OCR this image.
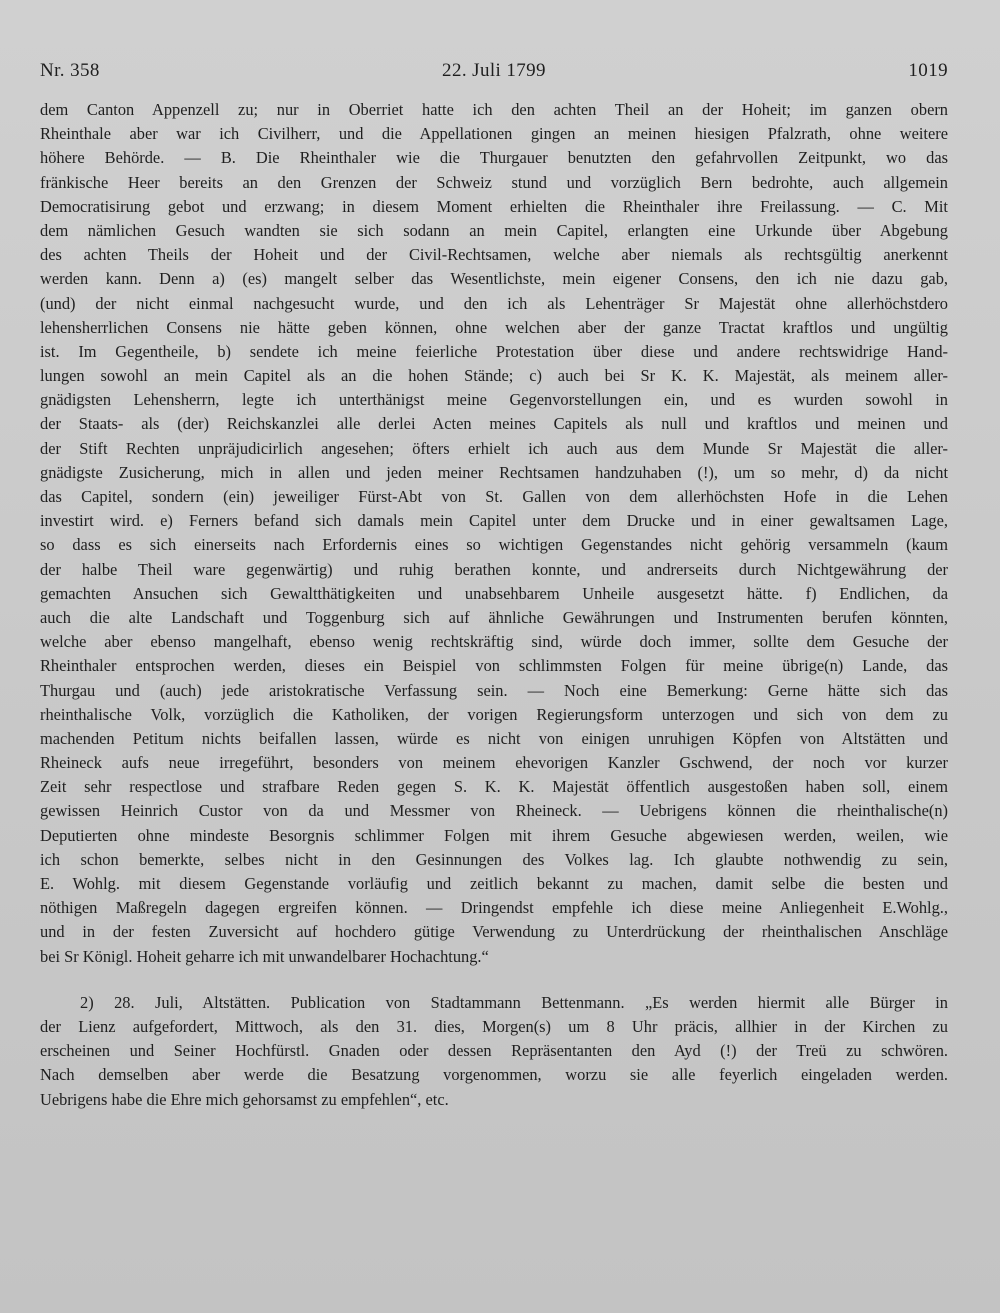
Nr. 358	22. Juli 1799	1019
dem Canton Appenzell zu; nur in Oberriet hatte ich den achten Theil an der Hoheit; im ganzen obern
Rheinthale aber war ich Civilherr, und die Appellationen gingen an meinen hiesigen Pfalzrath, ohne weitere
höhere Behörde. — B. Die Rheinthaler wie die Thurgauer benutzten den gefahrvollen Zeitpunkt, wo das
fränkische Heer bereits an den Grenzen der Schweiz stund und vorzüglich Bern bedrohte, auch allgemein
Democratisirung gebot und erzwang; in diesem Moment erhielten die Rheinthaler ihre Freilassung. — C. Mit
dem nämlichen Gesuch wandten sie sich sodann an mein Capitel, erlangten eine Urkunde über Abgebung
des achten Theils der Hoheit und der Civil-Rechtsamen, welche aber niemals als rechtsgültig anerkennt
werden kann. Denn a) (es) mangelt selber das Wesentlichste, mein eigener Consens, den ich nie dazu gab,
(und) der nicht einmal nachgesucht wurde, und den ich als Lehenträger Sr Majestät ohne allerhöchstdero
lehensherrlichen Consens nie hätte geben können, ohne welchen aber der ganze Tractat kraftlos und ungültig
ist. Im Gegentheile, b) sendete ich meine feierliche Protestation über diese und andere rechtswidrige Hand-
lungen sowohl an mein Capitel als an die hohen Stände; c) auch bei Sr K. K. Majestät, als meinem aller-
gnädigsten Lehensherrn, legte ich unterthänigst meine Gegenvorstellungen ein, und es wurden sowohl in
der Staats- als (der) Reichskanzlei alle derlei Acten meines Capitels als null und kraftlos und meinen und
der Stift Rechten unpräjudicirlich angesehen; öfters erhielt ich auch aus dem Munde Sr Majestät die aller-
gnädigste Zusicherung, mich in allen und jeden meiner Rechtsamen handzuhaben (!), um so mehr, d) da nicht
das Capitel, sondern (ein) jeweiliger Fürst-Abt von St. Gallen von dem allerhöchsten Hofe in die Lehen
investirt wird. e) Ferners befand sich damals mein Capitel unter dem Drucke und in einer gewaltsamen Lage,
so dass es sich einerseits nach Erfordernis eines so wichtigen Gegenstandes nicht gehörig versammeln (kaum
der halbe Theil ware gegenwärtig) und ruhig berathen konnte, und andrerseits durch Nichtgewährung der
gemachten Ansuchen sich Gewaltthätigkeiten und unabsehbarem Unheile ausgesetzt hätte. f) Endlichen, da
auch die alte Landschaft und Toggenburg sich auf ähnliche Gewährungen und Instrumenten berufen könnten,
welche aber ebenso mangelhaft, ebenso wenig rechtskräftig sind, würde doch immer, sollte dem Gesuche der
Rheinthaler entsprochen werden, dieses ein Beispiel von schlimmsten Folgen für meine übrige(n) Lande, das
Thurgau und (auch) jede aristokratische Verfassung sein. — Noch eine Bemerkung: Gerne hätte sich das
rheinthalische Volk, vorzüglich die Katholiken, der vorigen Regierungsform unterzogen und sich von dem zu
machenden Petitum nichts beifallen lassen, würde es nicht von einigen unruhigen Köpfen von Altstätten und
Rheineck aufs neue irregeführt, besonders von meinem ehevorigen Kanzler Gschwend, der noch vor kurzer
Zeit sehr respectlose und strafbare Reden gegen S. K. K. Majestät öffentlich ausgestoßen haben soll, einem
gewissen Heinrich Custor von da und Messmer von Rheineck. — Uebrigens können die rheinthalische(n)
Deputierten ohne mindeste Besorgnis schlimmer Folgen mit ihrem Gesuche abgewiesen werden, weilen, wie
ich schon bemerkte, selbes nicht in den Gesinnungen des Volkes lag. Ich glaubte nothwendig zu sein,
E. Wohlg. mit diesem Gegenstande vorläufig und zeitlich bekannt zu machen, damit selbe die besten und
nöthigen Maßregeln dagegen ergreifen können. — Dringendst empfehle ich diese meine Anliegenheit E.Wohlg.,
und in der festen Zuversicht auf hochdero gütige Verwendung zu Unterdrückung der rheinthalischen Anschläge
bei Sr Königl. Hoheit geharre ich mit unwandelbarer Hochachtung.“
2) 28. Juli, Altstätten. Publication von Stadtammann Bettenmann. „Es werden hiermit alle Bürger in
der Lienz aufgefordert, Mittwoch, als den 31. dies, Morgen(s) um 8 Uhr präcis, allhier in der Kirchen zu
erscheinen und Seiner Hochfürstl. Gnaden oder dessen Repräsentanten den Ayd (!) der Treü zu schwören.
Nach demselben aber werde die Besatzung vorgenommen, worzu sie alle feyerlich eingeladen werden.
Uebrigens habe die Ehre mich gehorsamst zu empfehlen“, etc.
